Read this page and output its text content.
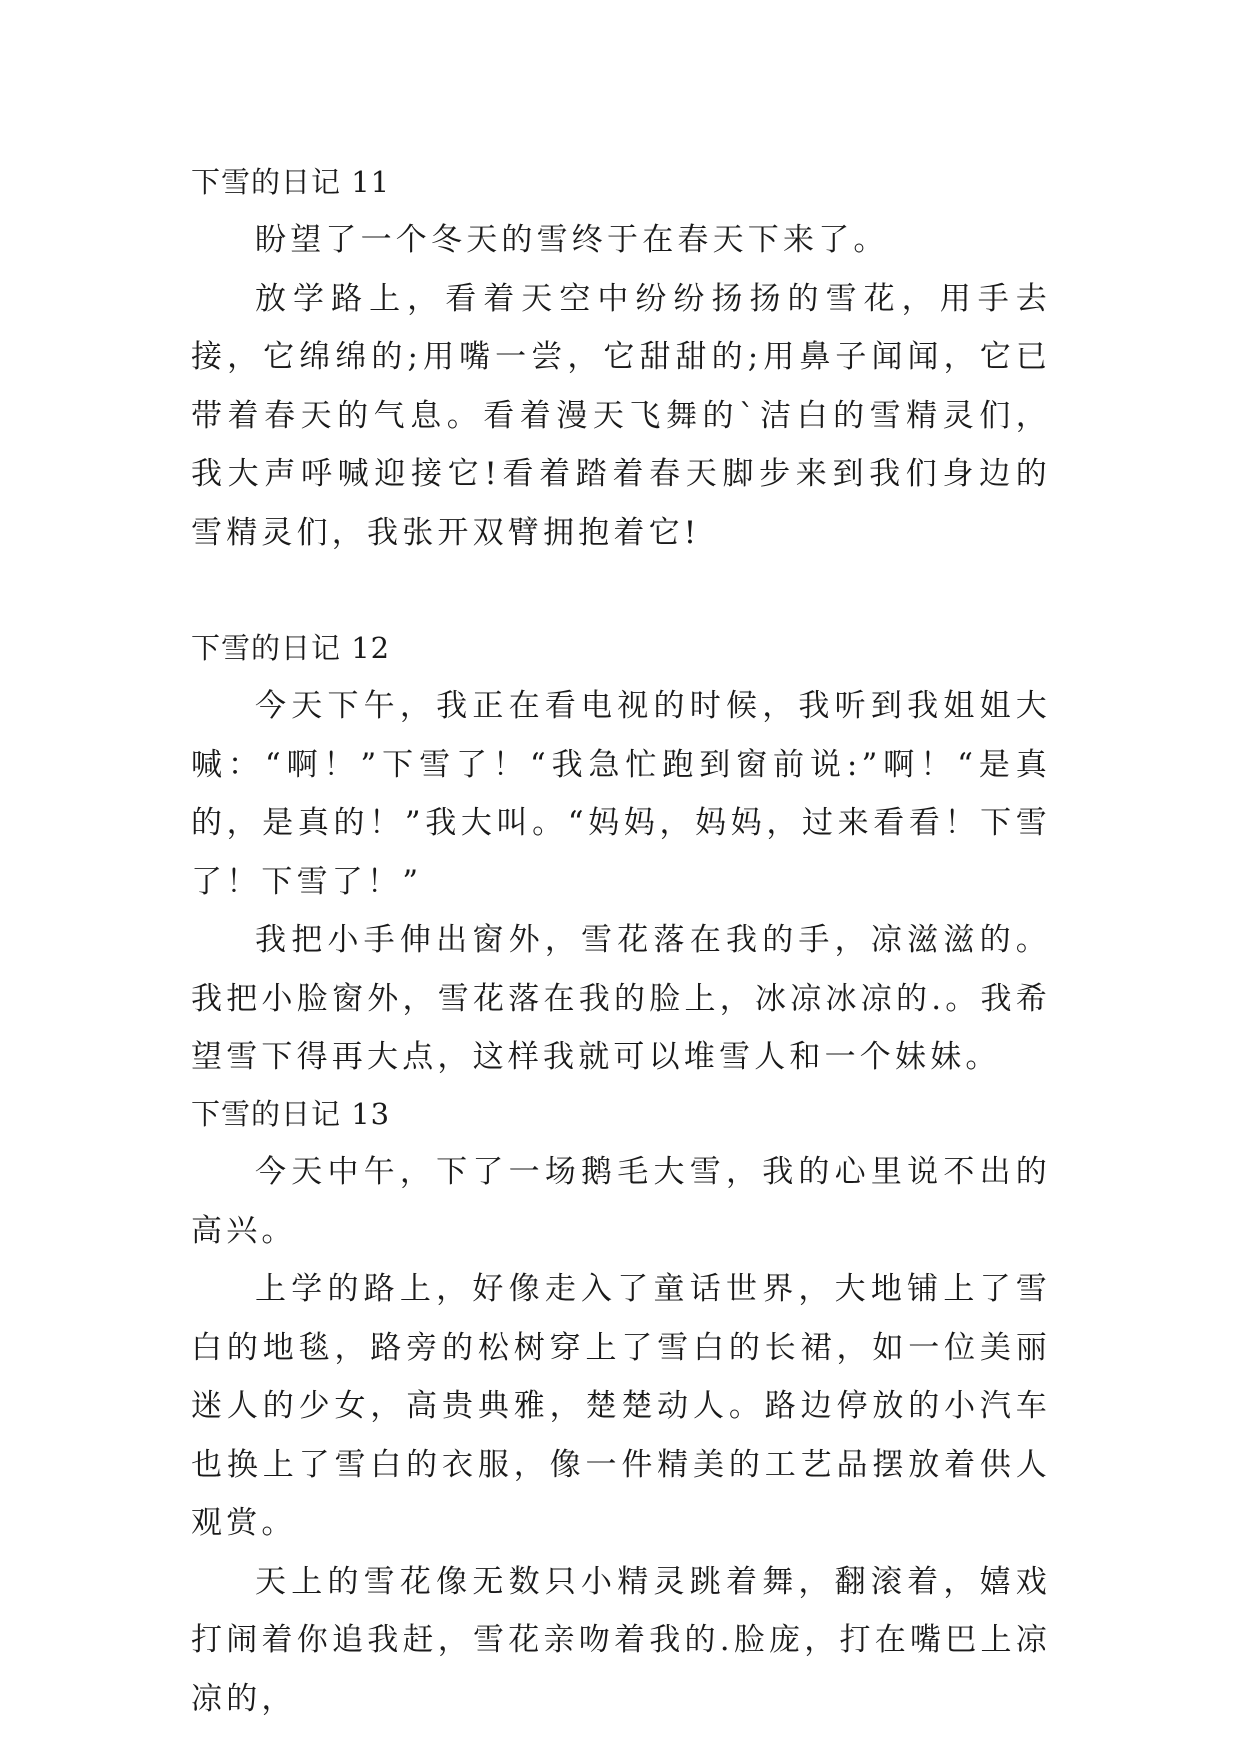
下雪的日记 11

盼望了一个冬天的雪终于在春天下来了。

放学路上，看着天空中纷纷扬扬的雪花，用手去接，它绵绵的;用嘴一尝，它甜甜的;用鼻子闻闻，它已带着春天的气息。看着漫天飞舞的`洁白的雪精灵们，我大声呼喊迎接它!看着踏着春天脚步来到我们身边的雪精灵们，我张开双臂拥抱着它!

下雪的日记 12

今天下午，我正在看电视的时候，我听到我姐姐大喊：“啊！”下雪了！“我急忙跑到窗前说:”啊！“是真的，是真的！”我大叫。“妈妈，妈妈，过来看看！下雪了！下雪了！”

我把小手伸出窗外，雪花落在我的手，凉滋滋的。我把小脸窗外，雪花落在我的脸上，冰凉冰凉的.。我希望雪下得再大点，这样我就可以堆雪人和一个妹妹。

下雪的日记 13

今天中午，下了一场鹅毛大雪，我的心里说不出的高兴。

上学的路上，好像走入了童话世界，大地铺上了雪白的地毯，路旁的松树穿上了雪白的长裙，如一位美丽迷人的少女，高贵典雅，楚楚动人。路边停放的小汽车也换上了雪白的衣服，像一件精美的工艺品摆放着供人观赏。

天上的雪花像无数只小精灵跳着舞，翻滚着，嬉戏打闹着你追我赶，雪花亲吻着我的.脸庞，打在嘴巴上凉凉的，
